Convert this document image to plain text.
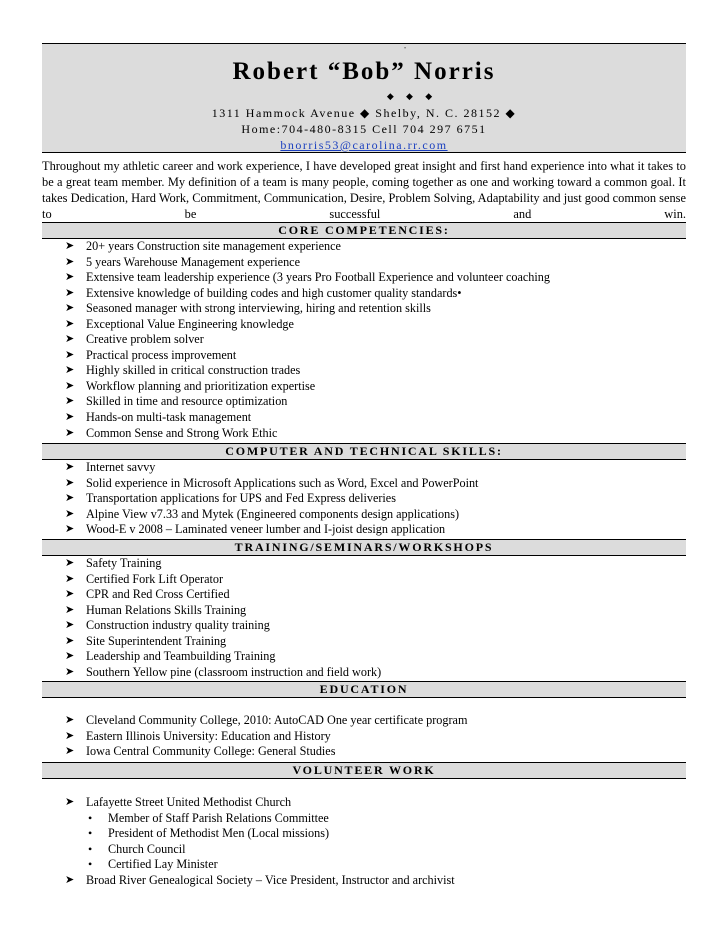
•
Robert “Bob” Norris
◆ ◆ ◆
1311 Hammock Avenue ◆ Shelby, N. C. 28152 ◆
Home:704-480-8315 Cell 704 297 6751
bnorris53@carolina.rr.com
Throughout my athletic career and work experience, I have developed great insight and first hand experience into what it takes to be a great team member. My definition of a team is many people, coming together as one and working toward a common goal. It takes Dedication, Hard Work, Commitment, Communication, Desire, Problem Solving, Adaptability and just good common sense to be successful and win.
CORE COMPETENCIES:
➤ 20+ years Construction site management experience
➤ 5 years Warehouse Management experience
➤ Extensive team leadership experience (3 years Pro Football Experience and volunteer coaching
➤ Extensive knowledge of building codes and high customer quality standards•
➤ Seasoned manager with strong interviewing, hiring and retention skills
➤ Exceptional Value Engineering knowledge
➤ Creative problem solver
➤ Practical process improvement
➤ Highly skilled in critical construction trades
➤ Workflow planning and prioritization expertise
➤ Skilled in time and resource optimization
➤ Hands-on multi-task management
➤ Common Sense and Strong Work Ethic
COMPUTER AND TECHNICAL SKILLS:
➤ Internet savvy
➤ Solid experience in Microsoft Applications such as Word, Excel and PowerPoint
➤ Transportation applications for UPS and Fed Express deliveries
➤ Alpine View v7.33 and Mytek (Engineered components design applications)
➤ Wood-E v 2008 – Laminated veneer lumber and I-joist design application
TRAINING/SEMINARS/WORKSHOPS
➤ Safety Training
➤ Certified Fork Lift Operator
➤ CPR and Red Cross Certified
➤ Human Relations Skills Training
➤ Construction industry quality training
➤ Site Superintendent Training
➤ Leadership and Teambuilding Training
➤ Southern Yellow pine (classroom instruction and field work)
EDUCATION
➤ Cleveland Community College, 2010: AutoCAD One year certificate program
➤ Eastern Illinois University: Education and History
➤ Iowa Central Community College: General Studies
VOLUNTEER WORK
➤ Lafayette Street United Methodist Church
• Member of Staff Parish Relations Committee
• President of Methodist Men (Local missions)
• Church Council
• Certified Lay Minister
➤ Broad River Genealogical Society – Vice President, Instructor and archivist
